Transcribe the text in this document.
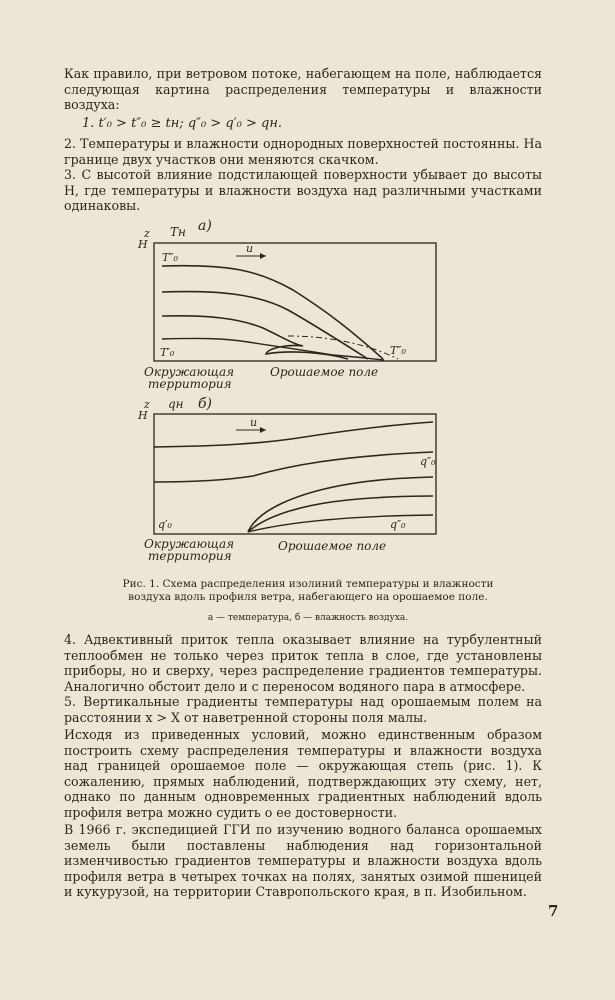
Как правило, при ветровом потоке, набегающем на поле, наблюдается следующая картина распределения температуры и влажности воздуха:

1. t′₀ > t″₀ ≥ tн; q″₀ > q′₀ > qн.

2. Температуры и влажности однородных поверхностей постоянны. На границе двух участков они меняются скачком.

3. С высотой влияние подстилающей поверхности убывает до высоты H, где температуры и влажности воздуха над различными участками одинаковы.

z
H
Tн а)
u
T″₀
T′₀	T″₀
Окружающая
территория
Орошаемое поле
z
H
qн б)
u
q″₀
q′₀	q″₀
Окружающая
территория
Орошаемое поле

Рис. 1. Схема распределения изолиний температуры и влажности воздуха вдоль профиля ветра, набегающего на орошаемое поле.

а — температура, б — влажность воздуха.

4. Адвективный приток тепла оказывает влияние на турбулентный теплообмен не только через приток тепла в слое, где установлены приборы, но и сверху, через распределение градиентов температуры. Аналогично обстоит дело и с переносом водяного пара в атмосфере.

5. Вертикальные градиенты температуры над орошаемым полем на расстоянии x > X от наветренной стороны поля малы.

Исходя из приведенных условий, можно единственным образом построить схему распределения температуры и влажности воздуха над границей орошаемое поле — окружающая степь (рис. 1). К сожалению, прямых наблюдений, подтверждающих эту схему, нет, однако по данным одновременных градиентных наблюдений вдоль профиля ветра можно судить о ее достоверности.

В 1966 г. экспедицией ГГИ по изучению водного баланса орошаемых земель были поставлены наблюдения над горизонтальной изменчивостью градиентов температуры и влажности воздуха вдоль профиля ветра в четырех точках на полях, занятых озимой пшеницей и кукурузой, на территории Ставропольского края, в п. Изобильном.

7
